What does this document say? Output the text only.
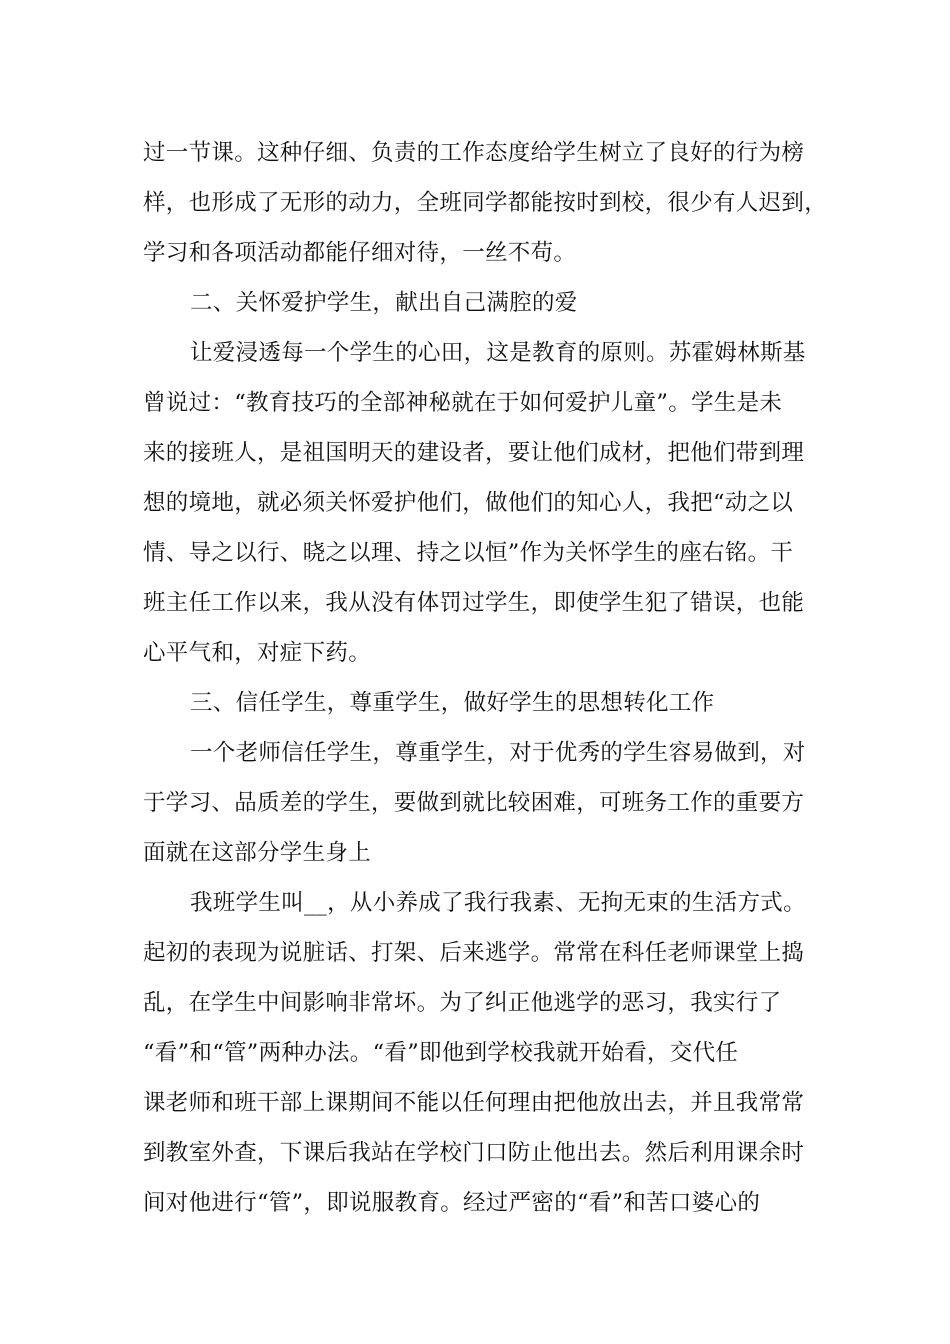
过一节课。这种仔细、负责的工作态度给学生树立了良好的行为榜
样，也形成了无形的动力，全班同学都能按时到校，很少有人迟到，
学习和各项活动都能仔细对待，一丝不苟。
二、关怀爱护学生，献出自己满腔的爱
让爱浸透每一个学生的心田，这是教育的原则。苏霍姆林斯基
曾说过：“教育技巧的全部神秘就在于如何爱护儿童”。学生是未
来的接班人，是祖国明天的建设者，要让他们成材，把他们带到理
想的境地，就必须关怀爱护他们，做他们的知心人，我把“动之以
情、导之以行、晓之以理、持之以恒”作为关怀学生的座右铭。干
班主任工作以来，我从没有体罚过学生，即使学生犯了错误，也能
心平气和，对症下药。
三、信任学生，尊重学生，做好学生的思想转化工作
一个老师信任学生，尊重学生，对于优秀的学生容易做到，对
于学习、品质差的学生，要做到就比较困难，可班务工作的重要方
面就在这部分学生身上
我班学生叫__，从小养成了我行我素、无拘无束的生活方式。
起初的表现为说脏话、打架、后来逃学。常常在科任老师课堂上捣
乱，在学生中间影响非常坏。为了纠正他逃学的恶习，我实行了
“看”和“管”两种办法。“看”即他到学校我就开始看，交代任
课老师和班干部上课期间不能以任何理由把他放出去，并且我常常
到教室外查，下课后我站在学校门口防止他出去。然后利用课余时
间对他进行“管”，即说服教育。经过严密的“看”和苦口婆心的
